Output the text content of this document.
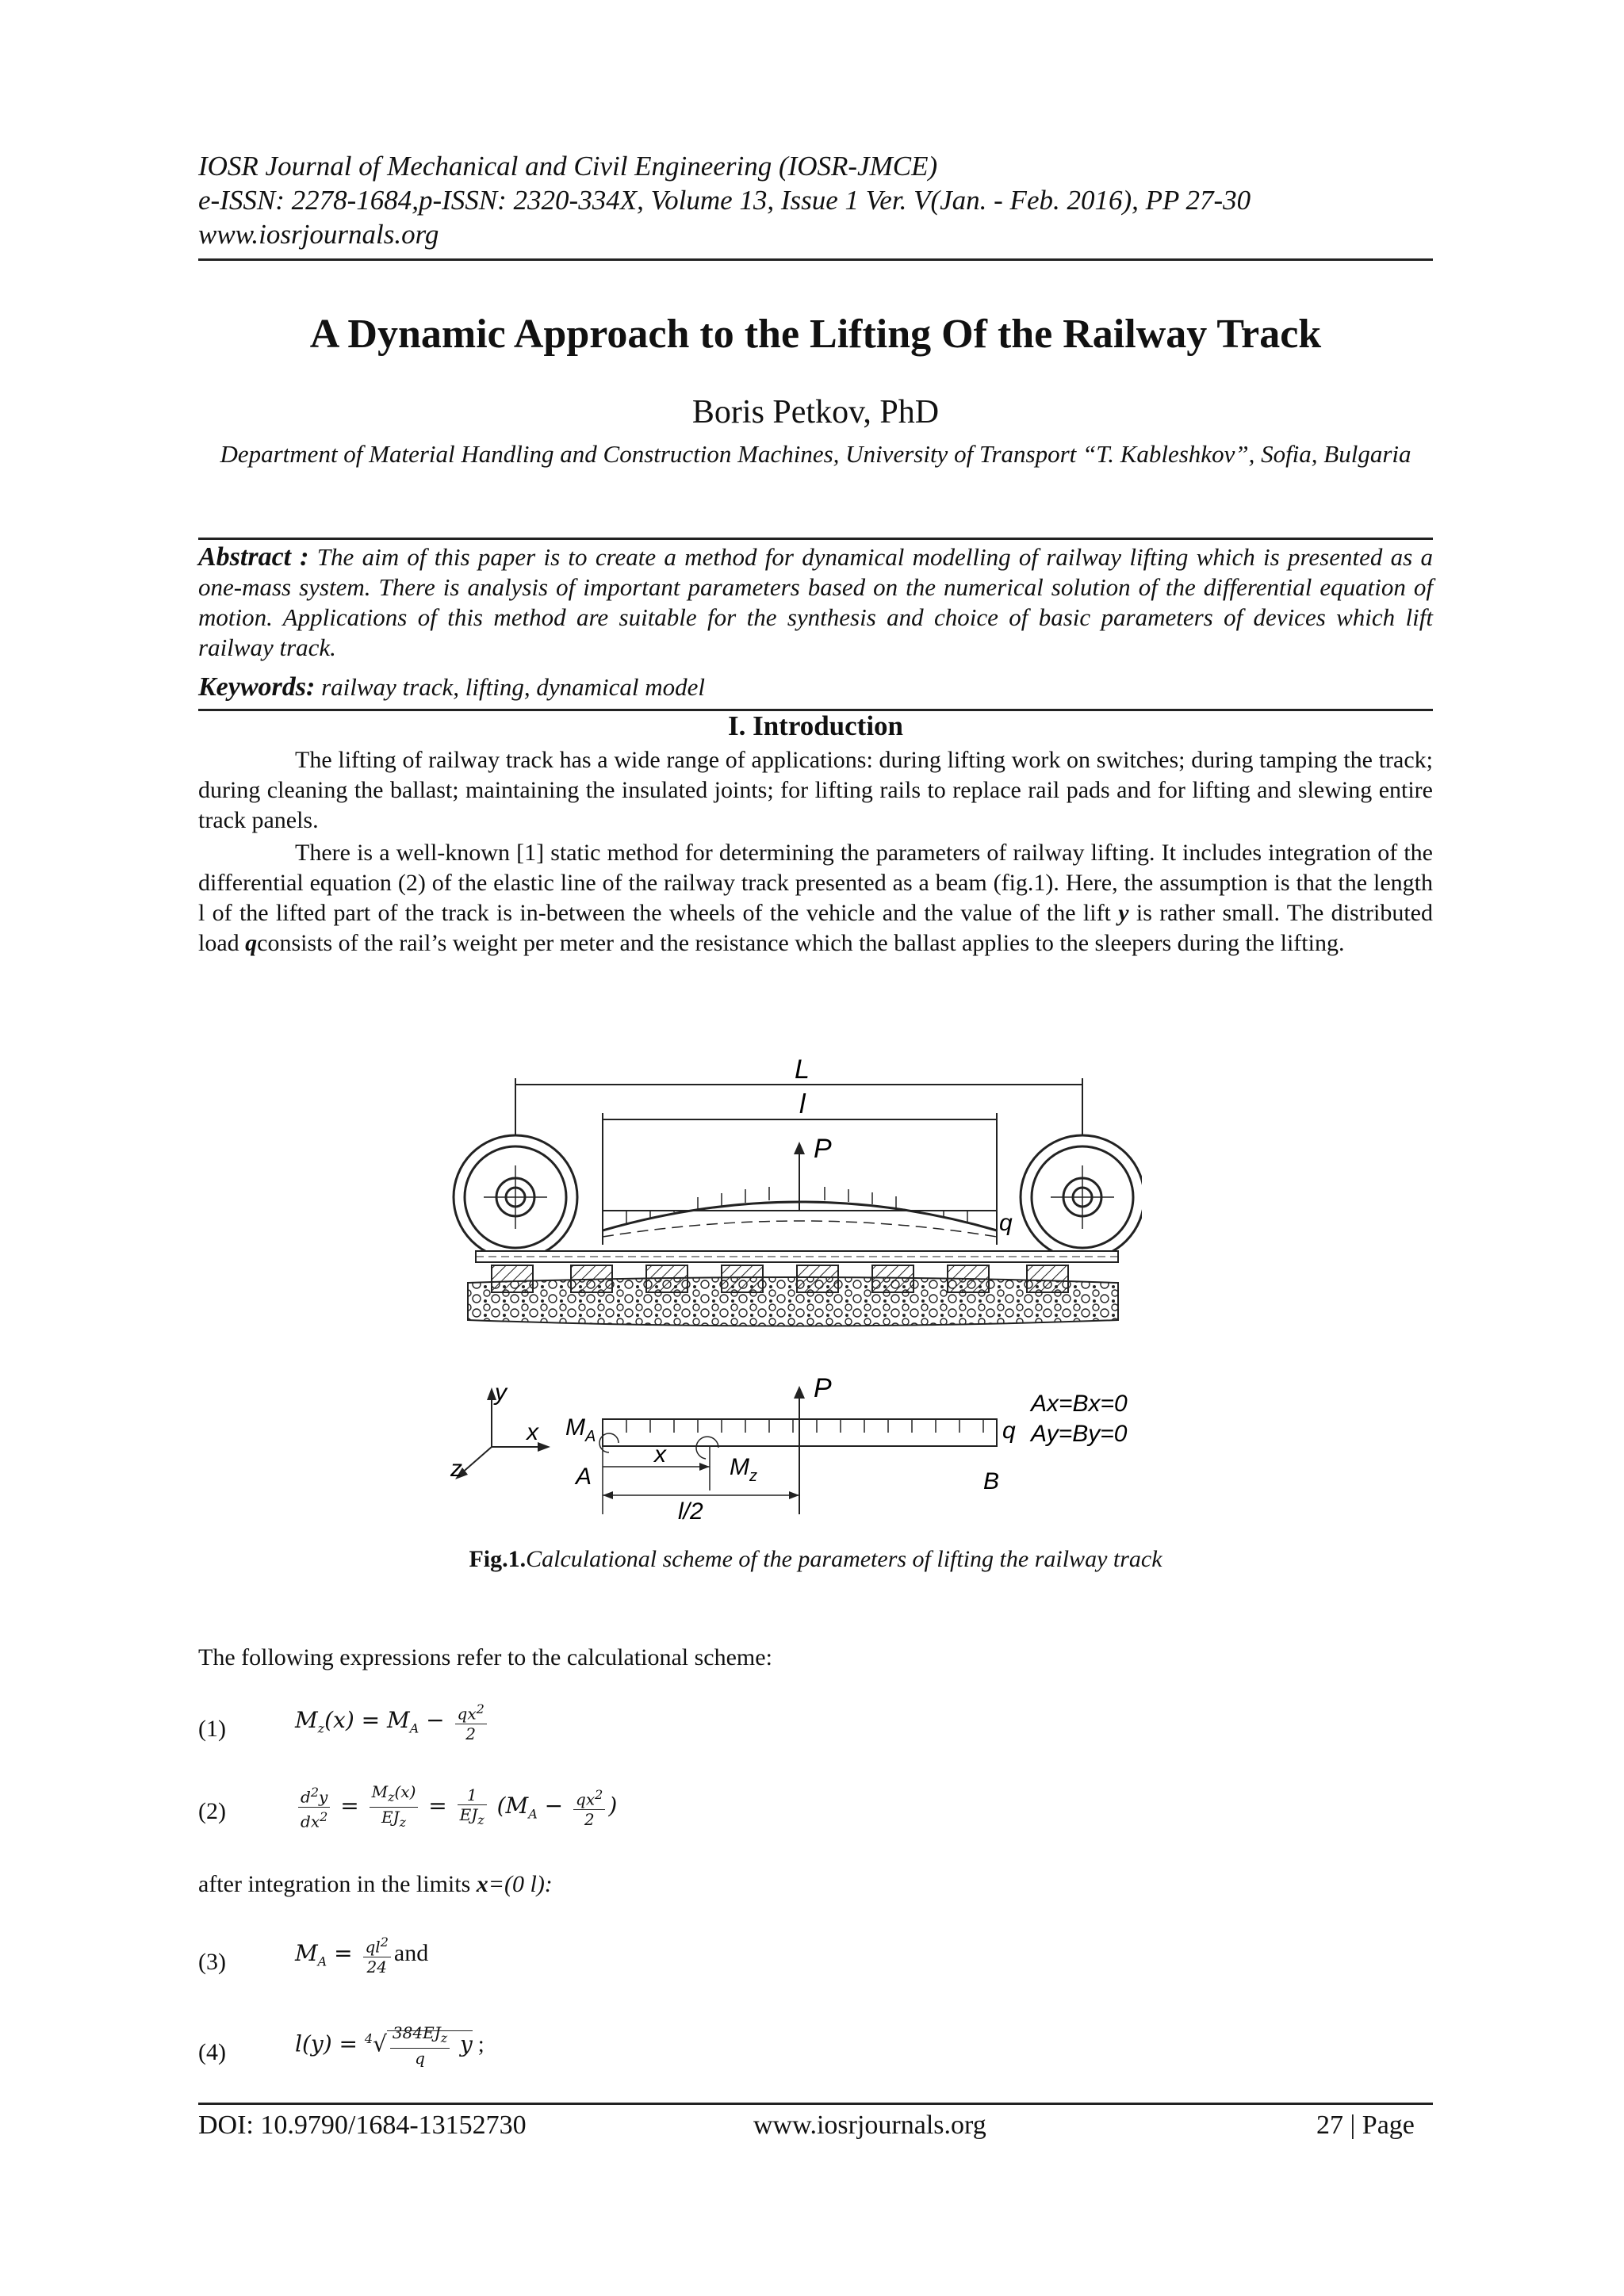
IOSR Journal of Mechanical and Civil Engineering (IOSR-JMCE)
e-ISSN: 2278-1684,p-ISSN: 2320-334X, Volume 13, Issue 1 Ver. V(Jan. - Feb. 2016), PP 27-30
www.iosrjournals.org
A Dynamic Approach to the Lifting Of the Railway Track
Boris Petkov, PhD
Department of Material Handling and Construction Machines, University of Transport “T. Kableshkov”, Sofia, Bulgaria
Abstract : The aim of this paper is to create a method for dynamical modelling of railway lifting which is presented as a one-mass system. There is analysis of important parameters based on the numerical solution of the differential equation of motion. Applications of this method are suitable for the synthesis and choice of basic parameters of devices which lift railway track.
Keywords: railway track, lifting, dynamical model
I. Introduction
The lifting of railway track has a wide range of applications: during lifting work on switches; during tamping the track; during cleaning the ballast; maintaining the insulated joints; for lifting rails to replace rail pads and for lifting and slewing entire track panels.
There is a well-known [1] static method for determining the parameters of railway lifting. It includes integration of the differential equation (2) of the elastic line of the railway track presented as a beam (fig.1). Here, the assumption is that the length l of the lifted part of the track is in-between the wheels of the vehicle and the value of the lift y is rather small. The distributed load qconsists of the rail’s weight per meter and the resistance which the ballast applies to the sleepers during the lifting.
L
l
P
q
y
x
z
P
q
$M_A$
A
x	$M_z$
l/2
B
Ax=Bx=0
Ay=By=0
Fig.1.Calculational scheme of the parameters of lifting the railway track
The following expressions refer to the calculational scheme:
(1)	$M_z(x) = M_A - \frac{qx^2}{2}$
(2)	$\frac{d^2y}{dx^2} = \frac{M_z(x)}{EJ_z} = \frac{1}{EJ_z} (M_A - \frac{qx^2}{2}$ )
after integration in the limits x=(0 l):
(3)	$M_A = \frac{ql^2}{24}$ and
(4)	$l(y) = ^4√ \frac{384EJ_z}{q}$ y ;
DOI: 10.9790/1684-13152730	www.iosrjournals.org	27 | Page
